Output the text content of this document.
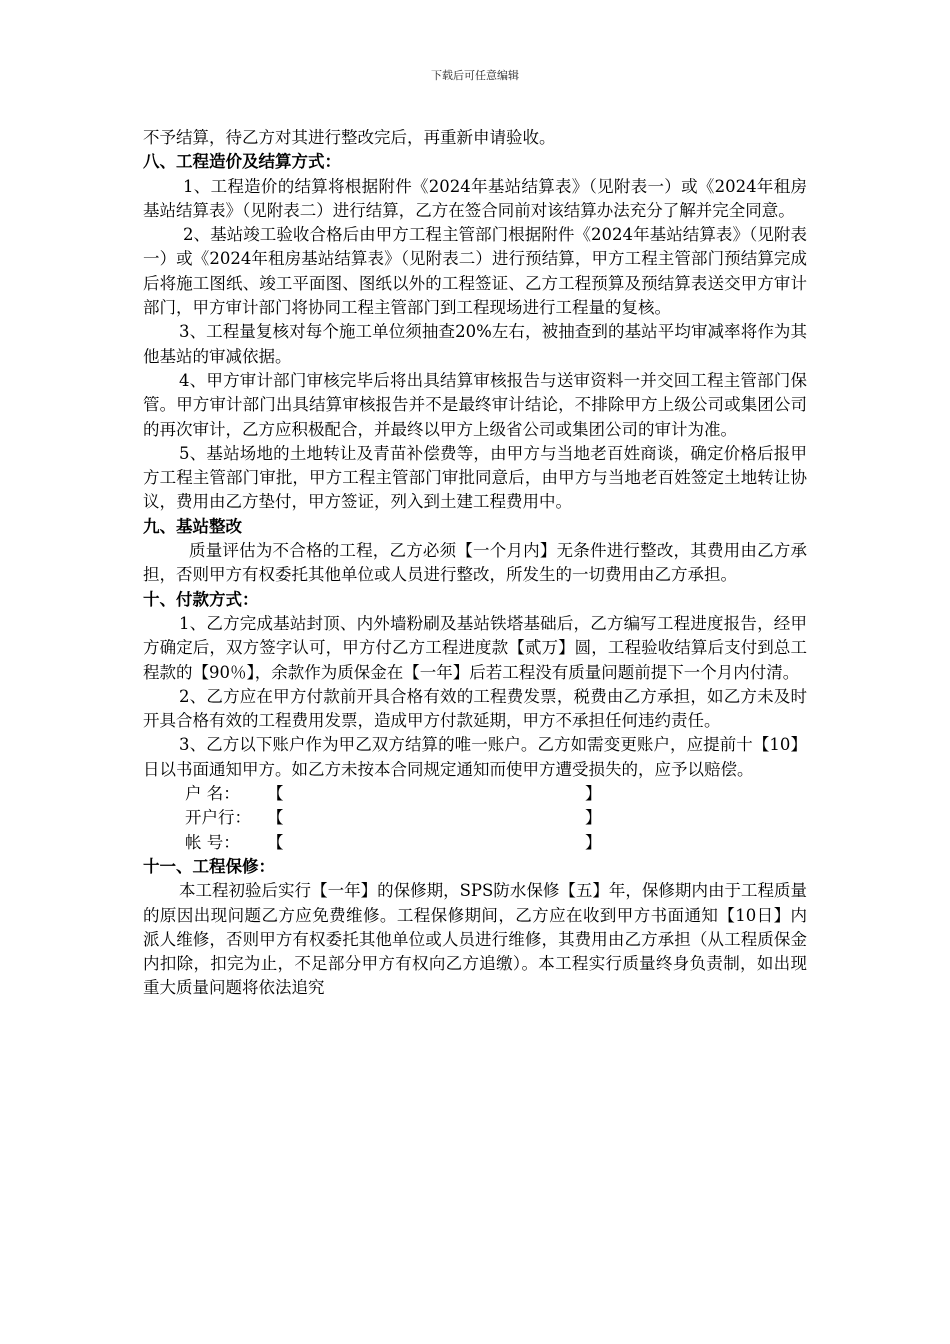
下载后可任意编辑

不予结算，待乙方对其进行整改完后，再重新申请验收。

八、工程造价及结算方式：

1、工程造价的结算将根据附件《2024年基站结算表》（见附表一）或《2024年租房基站结算表》（见附表二）进行结算，乙方在签合同前对该结算办法充分了解并完全同意。

2、基站竣工验收合格后由甲方工程主管部门根据附件《2024年基站结算表》（见附表一）或《2024年租房基站结算表》（见附表二）进行预结算，甲方工程主管部门预结算完成后将施工图纸、竣工平面图、图纸以外的工程签证、乙方工程预算及预结算表送交甲方审计部门，甲方审计部门将协同工程主管部门到工程现场进行工程量的复核。

3、工程量复核对每个施工单位须抽查20%左右，被抽查到的基站平均审减率将作为其他基站的审减依据。

4、甲方审计部门审核完毕后将出具结算审核报告与送审资料一并交回工程主管部门保管。甲方审计部门出具结算审核报告并不是最终审计结论，不排除甲方上级公司或集团公司的再次审计，乙方应积极配合，并最终以甲方上级省公司或集团公司的审计为准。

5、基站场地的土地转让及青苗补偿费等，由甲方与当地老百姓商谈，确定价格后报甲方工程主管部门审批，甲方工程主管部门审批同意后，由甲方与当地老百姓签定土地转让协议，费用由乙方垫付，甲方签证，列入到土建工程费用中。

九、基站整改

质量评估为不合格的工程，乙方必须【一个月内】无条件进行整改，其费用由乙方承担，否则甲方有权委托其他单位或人员进行整改，所发生的一切费用由乙方承担。

十、付款方式：

1、乙方完成基站封顶、内外墙粉刷及基站铁塔基础后，乙方编写工程进度报告，经甲方确定后，双方签字认可，甲方付乙方工程进度款【贰万】圆，工程验收结算后支付到总工程款的【90％】，余款作为质保金在【一年】后若工程没有质量问题前提下一个月内付清。

2、乙方应在甲方付款前开具合格有效的工程费发票，税费由乙方承担，如乙方未及时开具合格有效的工程费用发票，造成甲方付款延期，甲方不承担任何违约责任。

3、乙方以下账户作为甲乙双方结算的唯一账户。乙方如需变更账户，应提前十【10】日以书面通知甲方。如乙方未按本合同规定通知而使甲方遭受损失的，应予以赔偿。

户 名： 【	】
开户行： 【	】
帐 号： 【	】

十一、工程保修：

本工程初验后实行【一年】的保修期，SPS防水保修【五】年，保修期内由于工程质量的原因出现问题乙方应免费维修。工程保修期间，乙方应在收到甲方书面通知【10日】内派人维修，否则甲方有权委托其他单位或人员进行维修，其费用由乙方承担（从工程质保金内扣除，扣完为止，不足部分甲方有权向乙方追缴）。本工程实行质量终身负责制，如出现重大质量问题将依法追究
